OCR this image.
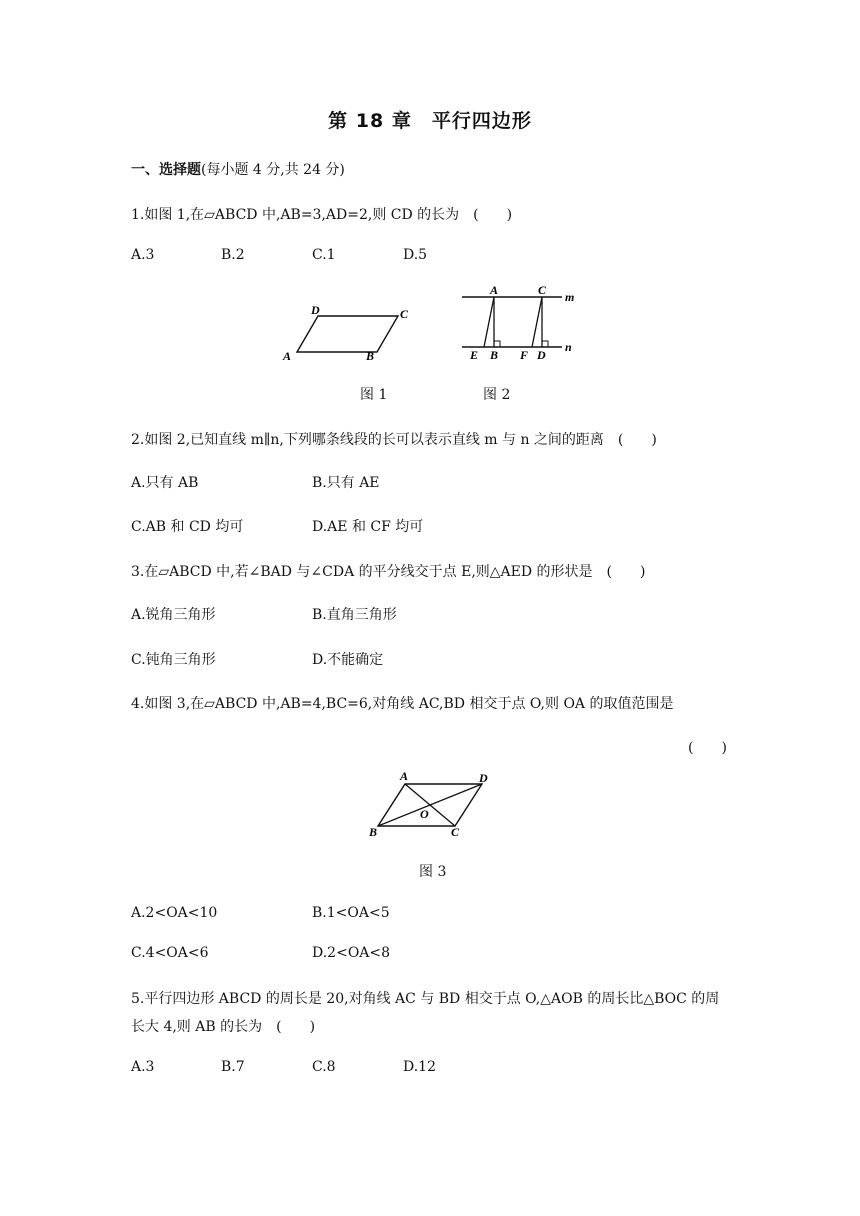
第 18 章　平行四边形
一、选择题(每小题 4 分,共 24 分)
1.如图 1,在▱ABCD 中,AB=3,AD=2,则 CD 的长为　(　　)
A.3	B.2	C.1	D.5
D	C
A	B
A	C m
E B F D
n
图 1	图 2
2.如图 2,已知直线 m∥n,下列哪条线段的长可以表示直线 m 与 n 之间的距离　(　　)
A.只有 AB	B.只有 AE
C.AB 和 CD 均可	D.AE 和 CF 均可
3.在▱ABCD 中,若∠BAD 与∠CDA 的平分线交于点 E,则△AED 的形状是　(　　)
A.锐角三角形	B.直角三角形
C.钝角三角形	D.不能确定
4.如图 3,在▱ABCD 中,AB=4,BC=6,对角线 AC,BD 相交于点 O,则 OA 的取值范围是
(　　)
A	D
O
B	C
图 3
A.2<OA<10	B.1<OA<5
C.4<OA<6	D.2<OA<8
5.平行四边形 ABCD 的周长是 20,对角线 AC 与 BD 相交于点 O,△AOB 的周长比△BOC 的周
长大 4,则 AB 的长为　(　　)
A.3	B.7	C.8	D.12
